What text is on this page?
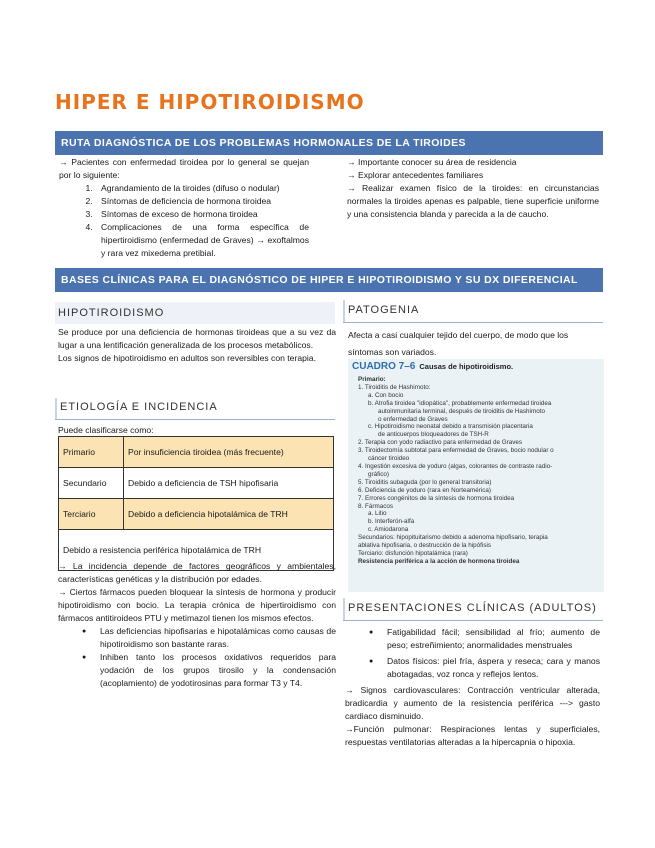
HIPER E HIPOTIROIDISMO
RUTA DIAGNÓSTICA DE LOS PROBLEMAS HORMONALES DE LA TIROIDES
→ Pacientes con enfermedad tiroidea por lo general se quejan por lo siguiente:
1. Agrandamiento de la tiroides (difuso o nodular)
2. Síntomas de deficiencia de hormona tiroidea
3. Síntomas de exceso de hormona tiroidea
4. Complicaciones de una forma específica de hipertiroidismo (enfermedad de Graves) → exoftalmos y rara vez mixedema pretibial.
→ Importante conocer su área de residencia
→ Explorar antecedentes familiares
→ Realizar examen físico de la tiroides: en circunstancias normales la tiroides apenas es palpable, tiene superficie uniforme y una consistencia blanda y parecida a la de caucho.
BASES CLÍNICAS PARA EL DIAGNÓSTICO DE HIPER E HIPOTIROIDISMO Y SU DX DIFERENCIAL
HIPOTIROIDISMO
Se produce por una deficiencia de hormonas tiroideas que a su vez da lugar a una lentificación generalizada de los procesos metabólicos.
Los signos de hipotiroidismo en adultos son reversibles con terapia.
ETIOLOGÍA E INCIDENCIA
Puede clasificarse como:
Primario	Por insuficiencia tiroidea (más frecuente)
Secundario	Debido a deficiencia de TSH hipofisaria
Terciario	Debido a deficiencia hipotalámica de TRH
Debido a resistencia periférica hipotalámica de TRH	
→ La incidencia depende de factores geográficos y ambientales, características genéticas y la distribución por edades.
→ Ciertos fármacos pueden bloquear la síntesis de hormona y producir hipotiroidismo con bocio. La terapia crónica de hipertiroidismo con fármacos antitiroideos PTU y metimazol tienen los mismos efectos.
● Las deficiencias hipofisarias e hipotalámicas como causas de hipotiroidismo son bastante raras.
● Inhiben tanto los procesos oxidativos requeridos para yodación de los grupos tirosilo y la condensación (acoplamiento) de yodotirosinas para formar T3 y T4.
PATOGENIA
Afecta a casi cualquier tejido del cuerpo, de modo que los síntomas son variados.
CUADRO 7–6 Causas de hipotiroidismo.
Primario:
1. Tiroiditis de Hashimoto:
a. Con bocio
b. Atrofia tiroidea "idiopática", probablemente enfermedad tiroidea
autoinmunitaria terminal, después de tiroiditis de Hashimoto
o enfermedad de Graves
c. Hipotiroidismo neonatal debido a transmisión placentaria
de anticuerpos bloqueadores de TSH-R
2. Terapia con yodo radiactivo para enfermedad de Graves
3. Tiroidectomía subtotal para enfermedad de Graves, bocio nodular o
cáncer tiroideo
4. Ingestión excesiva de yoduro (algas, colorantes de contraste radio-
gráfico)
5. Tiroiditis subaguda (por lo general transitoria)
6. Deficiencia de yoduro (rara en Norteamérica)
7. Errores congénitos de la síntesis de hormona tiroidea
8. Fármacos
a. Litio
b. Interferón-alfa
c. Amiodarona
Secundarios: hipopituitarismo debido a adenoma hipofisario, terapia
ablativa hipofisaria, o destrucción de la hipófisis
Terciario: disfunción hipotalámica (rara)
Resistencia periférica a la acción de hormona tiroidea
PRESENTACIONES CLÍNICAS (ADULTOS)
● Fatigabilidad fácil; sensibilidad al frío; aumento de peso; estreñimiento; anormalidades menstruales
● Datos físicos: piel fría, áspera y reseca; cara y manos abotagadas, voz ronca y reflejos lentos.
→ Signos cardiovasculares: Contracción ventricular alterada, bradicardia y aumento de la resistencia periférica ---> gasto cardiaco disminuido.
→Función pulmonar: Respiraciones lentas y superficiales, respuestas ventilatorias alteradas a la hipercapnia o hipoxia.
